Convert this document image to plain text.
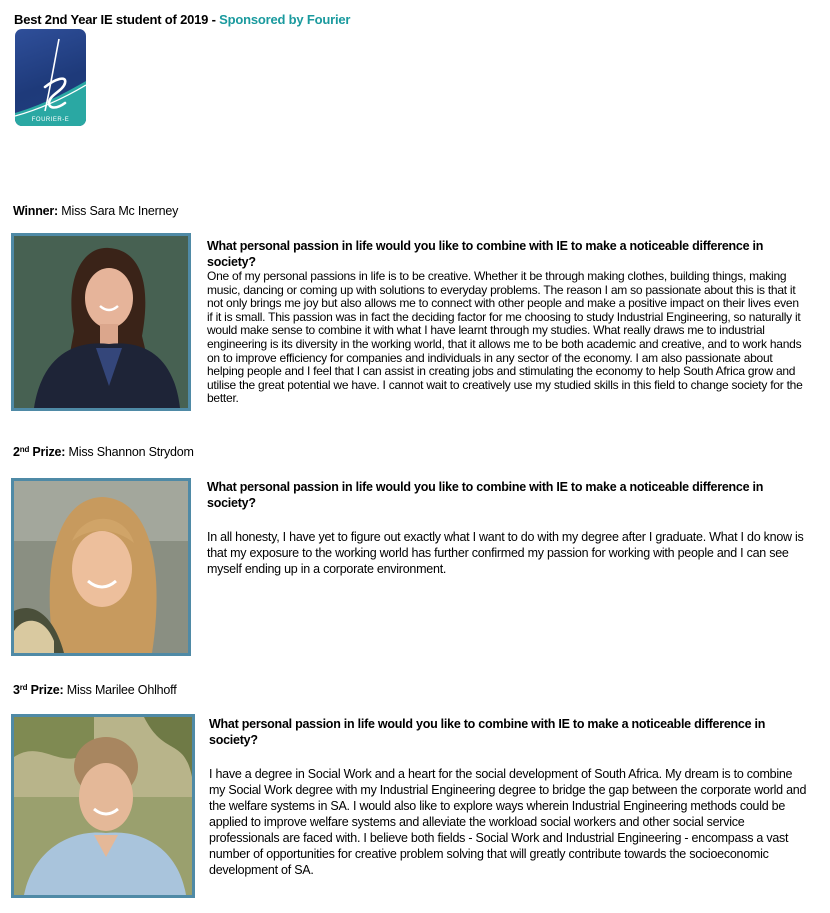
Best 2nd Year IE student of 2019 - Sponsored by Fourier
FOURIER-E
Winner: Miss Sara Mc Inerney
What personal passion in life would you like to combine with IE to make a noticeable difference in society?
One of my personal passions in life is to be creative. Whether it be through making clothes, building things, making music, dancing or coming up with solutions to everyday problems. The reason I am so passionate about this is that it not only brings me joy but also allows me to connect with other people and make a positive impact on their lives even if it is small. This passion was in fact the deciding factor for me choosing to study Industrial Engineering, so naturally it would make sense to combine it with what I have learnt through my studies. What really draws me to industrial engineering is its diversity in the working world, that it allows me to be both academic and creative, and to work hands on to improve efficiency for companies and individuals in any sector of the economy. I am also passionate about helping people and I feel that I can assist in creating jobs and stimulating the economy to help South Africa grow and utilise the great potential we have. I cannot wait to creatively use my studied skills in this field to change society for the better.
2nd Prize: Miss Shannon Strydom
What personal passion in life would you like to combine with IE to make a noticeable difference in society?
In all honesty, I have yet to figure out exactly what I want to do with my degree after I graduate. What I do know is that my exposure to the working world has further confirmed my passion for working with people and I can see myself ending up in a corporate environment.
3rd Prize: Miss Marilee Ohlhoff
What personal passion in life would you like to combine with IE to make a noticeable difference in society?
I have a degree in Social Work and a heart for the social development of South Africa. My dream is to combine my Social Work degree with my Industrial Engineering degree to bridge the gap between the corporate world and the welfare systems in SA. I would also like to explore ways wherein Industrial Engineering methods could be applied to improve welfare systems and alleviate the workload social workers and other social service professionals are faced with. I believe both fields - Social Work and Industrial Engineering - encompass a vast number of opportunities for creative problem solving that will greatly contribute towards the socioeconomic development of SA.
